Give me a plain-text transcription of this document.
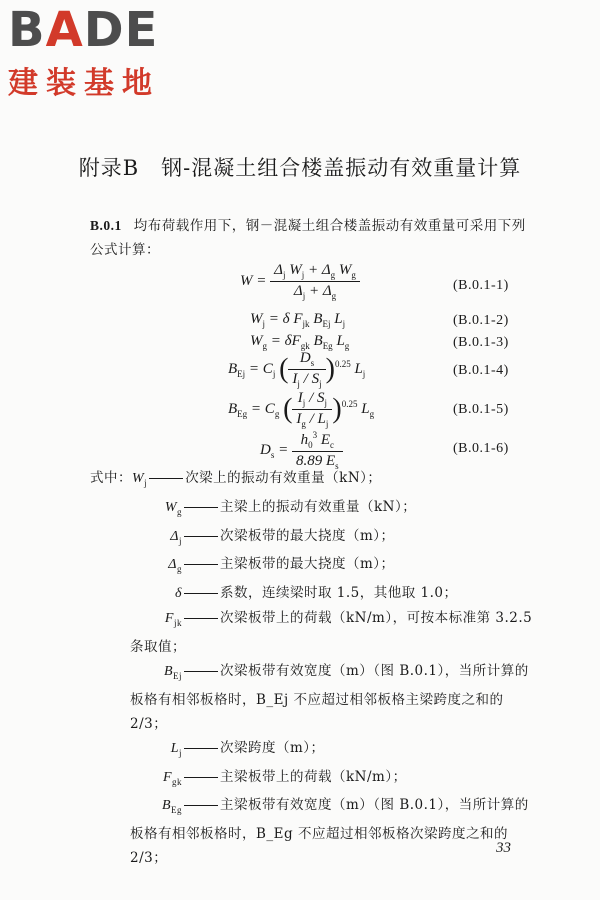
BADE
建装基地
附录B　钢-混凝土组合楼盖振动有效重量计算
B.0.1 均布荷载作用下，钢－混凝土组合楼盖振动有效重量可采用下列公式计算：
$W = \frac{\Delta_j W_j + \Delta_g W_g}{\Delta_j + \Delta_g}$	(B.0.1-1)
$W_j = \delta$ $F_{jk}$ $B_{Ej}$ $L_j$	(B.0.1-2)
$W_g = \delta F_{gk}$ $B_{Eg}$ $L_g$	(B.0.1-3)
$B_{Ej} = C_j$ ( $\frac{D_s}{I_j / S_j} )^{0.25}$ $L_j$	(B.0.1-4)
$B_{Eg} = C_g$ ( $\frac{I_j / S_j}{I_g / L_j} )^{0.25}$ $L_g$	(B.0.1-5)
$D_s = \frac{h_0^3 E_c}{8.89 E_s}$	(B.0.1-6)
式中：$W_j$	次梁上的振动有效重量（kN）；
$W_g$	主梁上的振动有效重量（kN）；
$\Delta_j$	次梁板带的最大挠度（m）；
$\Delta_g$	主梁板带的最大挠度（m）；
δ	系数，连续梁时取 1.5，其他取 1.0；
$F_{jk}$	次梁板带上的荷载（kN/m），可按本标准第 3.2.5 条取值；
$B_{Ej}$	次梁板带有效宽度（m）（图 B.0.1），当所计算的板格有相邻板格时，B_Ej 不应超过相邻板格主梁跨度之和的 2/3；
$L_j$	次梁跨度（m）；
$F_{gk}$	主梁板带上的荷载（kN/m）；
$B_{Eg}$	主梁板带有效宽度（m）（图 B.0.1），当所计算的板格有相邻板格时，B_Eg 不应超过相邻板格次梁跨度之和的 2/3；
33
